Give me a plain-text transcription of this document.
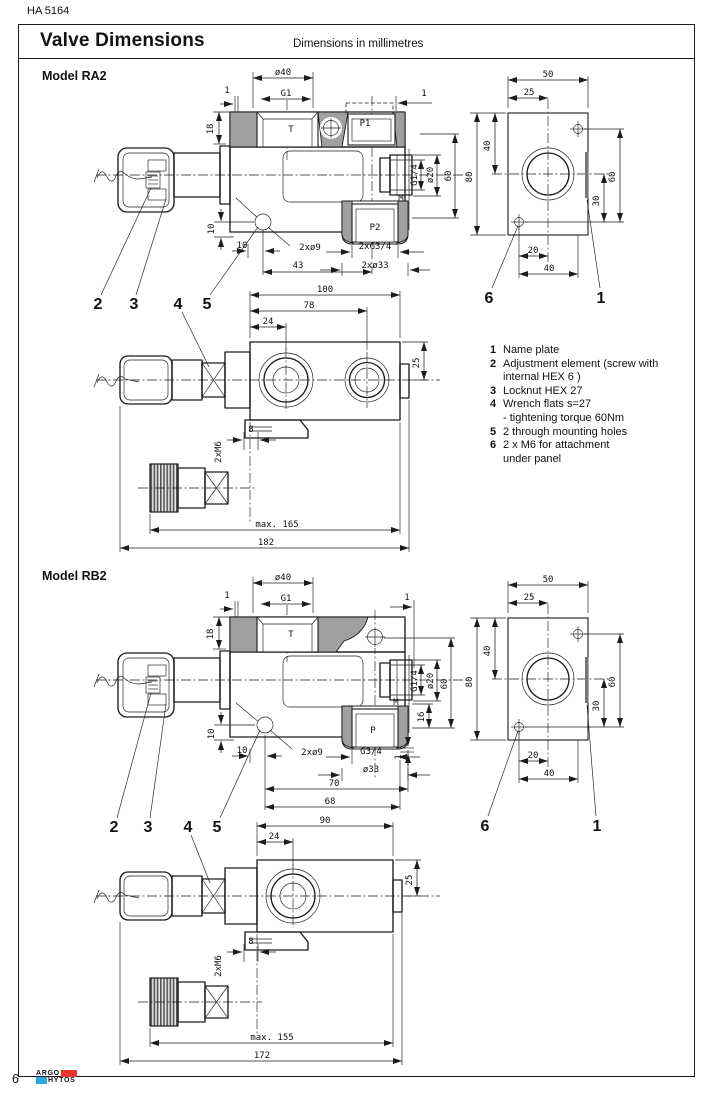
HA 5164
Valve Dimensions	Dimensions in millimetres
ø40
G1
1
18	T
P1
1
G1/4 ø20 60
M
P2
2xG3/4
2xø33
10
10	2xø9
43
50
25
40
80	60
30
20
40
6	1
100
78
24
25
8
2xM6
max. 165
182
2 3 4 5
ø40
G1
1
18	T
1
G1/4 ø20 60
16
1
M
P
G3/4
ø33
10
10	2xø9
70
68
50
25
40
80	60
30
20
40
6	1
90
24
25
8
2xM6
max. 155
172
2 3 4 5
Model RA2
Model RB2
1 Name plate
2 Adjustment element (screw with
internal HEX 6 )
3 Locknut HEX 27
4 Wrench flats s=27
- tightening torque 60Nm
5 2 through mounting holes
6 2 x M6 for attachment
under panel
6 ARGO
HYTOS
